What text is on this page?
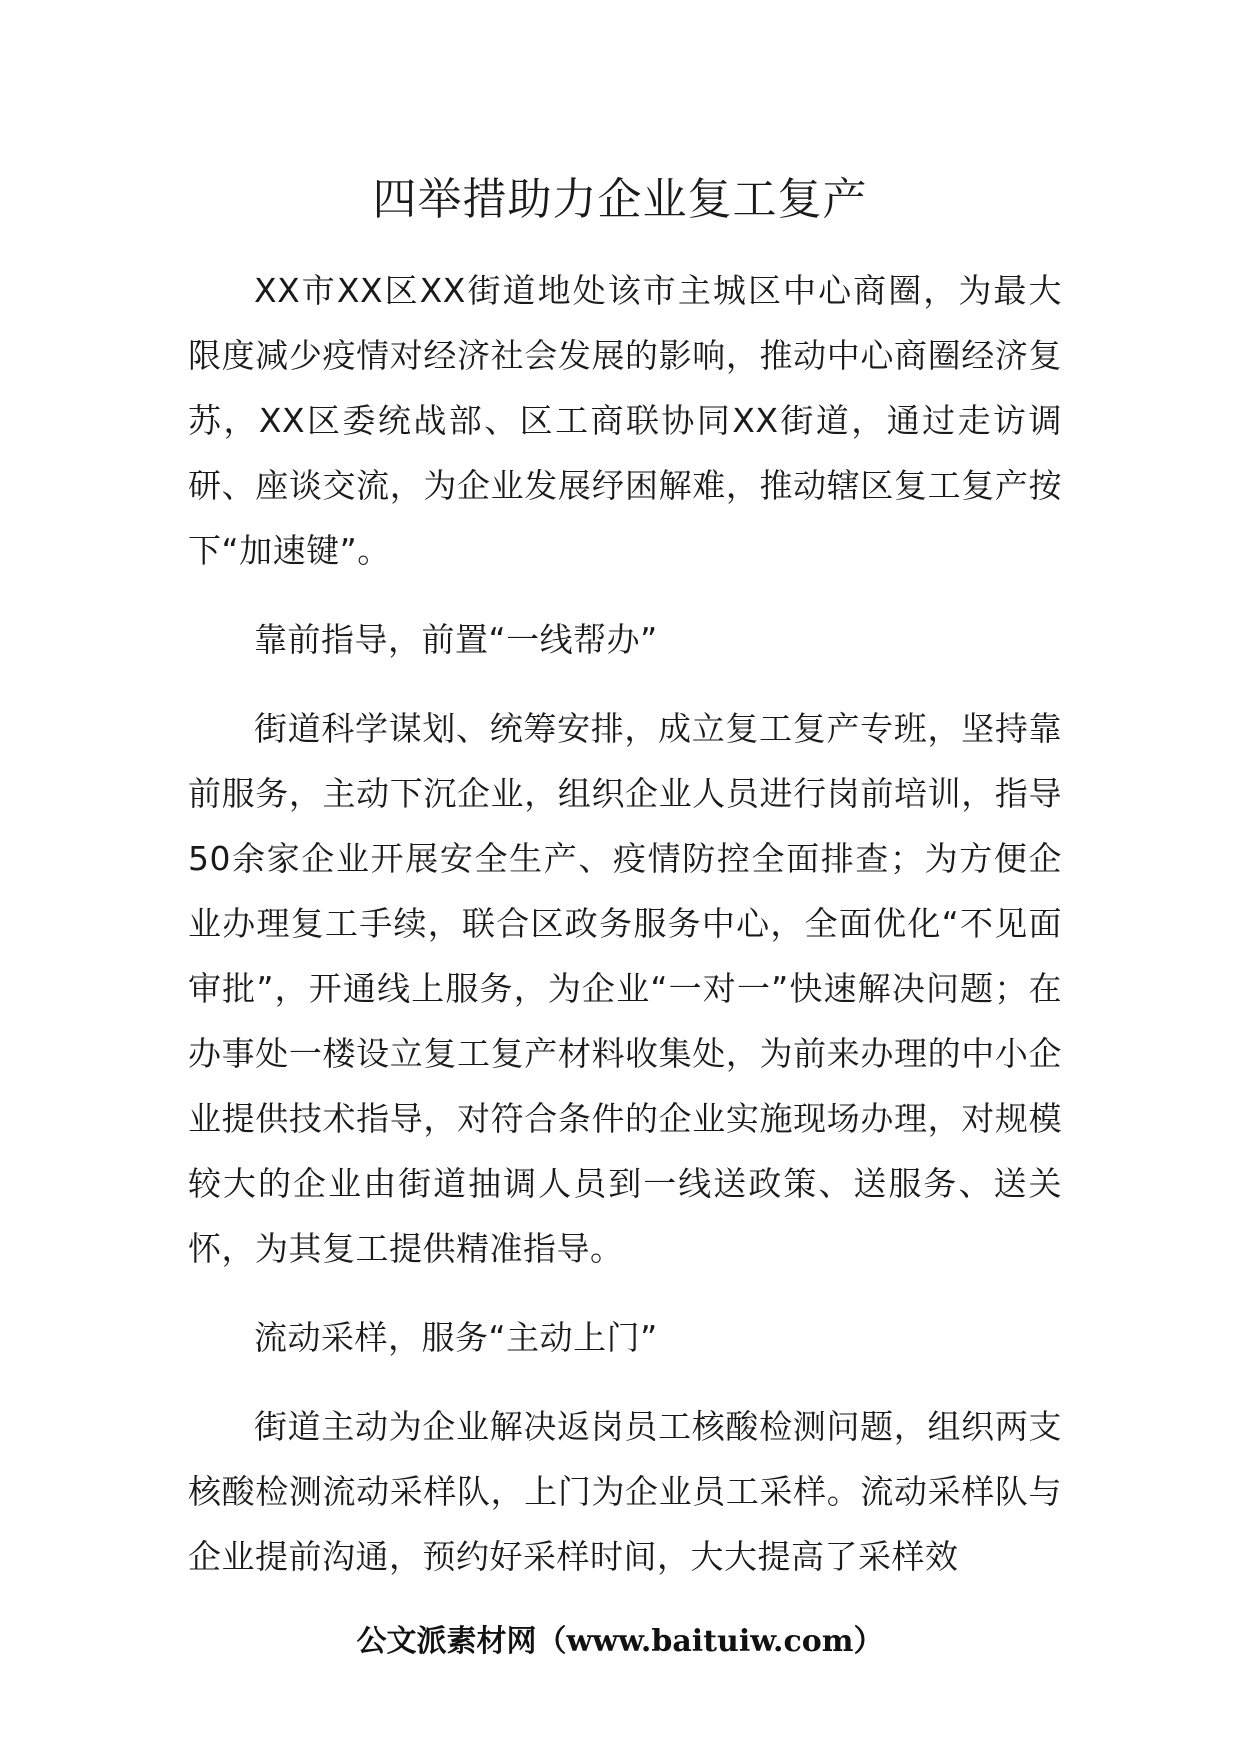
四举措助力企业复工复产

XX市XX区XX街道地处该市主城区中心商圈，为最大限度减少疫情对经济社会发展的影响，推动中心商圈经济复苏，XX区委统战部、区工商联协同XX街道，通过走访调研、座谈交流，为企业发展纾困解难，推动辖区复工复产按下“加速键”。

靠前指导，前置“一线帮办”

街道科学谋划、统筹安排，成立复工复产专班，坚持靠前服务，主动下沉企业，组织企业人员进行岗前培训，指导50余家企业开展安全生产、疫情防控全面排查；为方便企业办理复工手续，联合区政务服务中心，全面优化“不见面审批”，开通线上服务，为企业“一对一”快速解决问题；在办事处一楼设立复工复产材料收集处，为前来办理的中小企业提供技术指导，对符合条件的企业实施现场办理，对规模较大的企业由街道抽调人员到一线送政策、送服务、送关怀，为其复工提供精准指导。

流动采样，服务“主动上门”

街道主动为企业解决返岗员工核酸检测问题，组织两支核酸检测流动采样队，上门为企业员工采样。流动采样队与企业提前沟通，预约好采样时间，大大提高了采样效

公文派素材网（www.baituiw.com）
